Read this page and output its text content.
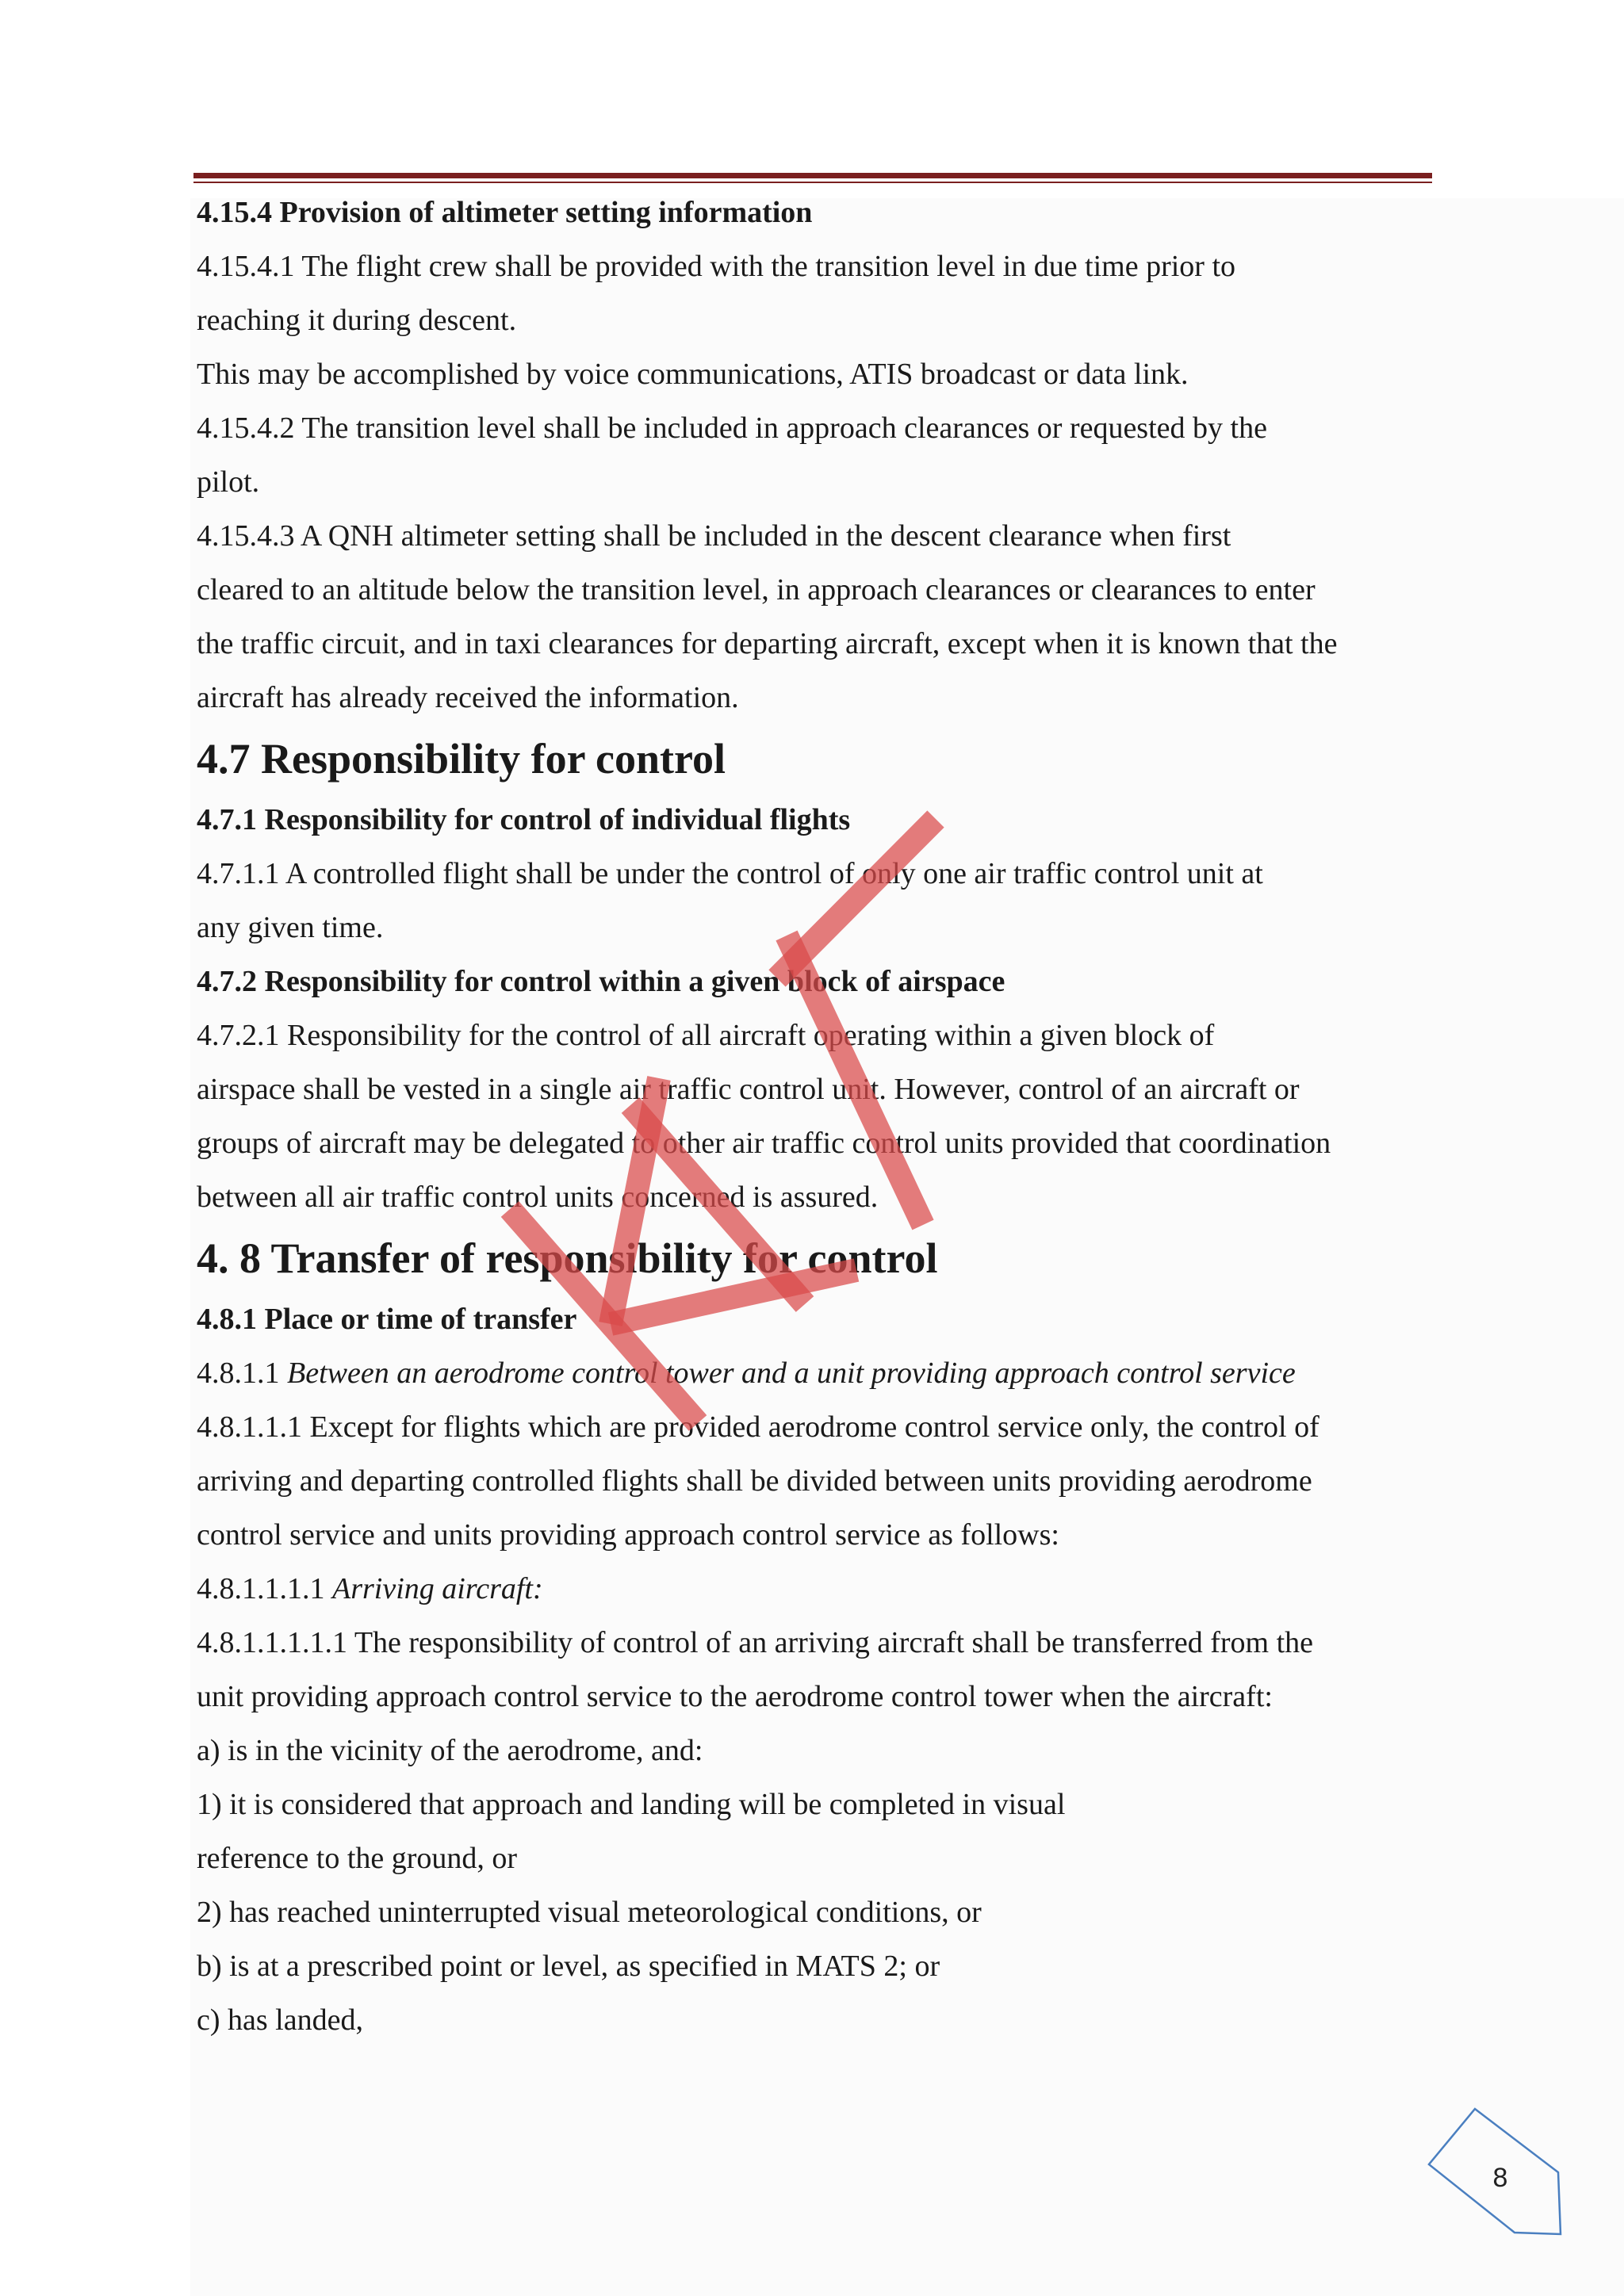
4.15.4 Provision of altimeter setting information
4.15.4.1 The flight crew shall be provided with the transition level in due time prior to
reaching it during descent.
This may be accomplished by voice communications, ATIS broadcast or data link.
4.15.4.2 The transition level shall be included in approach clearances or requested by the
pilot.
4.15.4.3 A QNH altimeter setting shall be included in the descent clearance when first
cleared to an altitude below the transition level, in approach clearances or clearances to enter
the traffic circuit, and in taxi clearances for departing aircraft, except when it is known that the
aircraft has already received the information.
4.7 Responsibility for control
4.7.1 Responsibility for control of individual flights
4.7.1.1 A controlled flight shall be under the control of only one air traffic control unit at
any given time.
4.7.2 Responsibility for control within a given block of airspace
4.7.2.1 Responsibility for the control of all aircraft operating within a given block of
airspace shall be vested in a single air traffic control unit. However, control of an aircraft or
groups of aircraft may be delegated to other air traffic control units provided that coordination
between all air traffic control units concerned is assured.
4. 8 Transfer of responsibility for control
4.8.1 Place or time of transfer
4.8.1.1 Between an aerodrome control tower and a unit providing approach control service
4.8.1.1.1 Except for flights which are provided aerodrome control service only, the control of
arriving and departing controlled flights shall be divided between units providing aerodrome
control service and units providing approach control service as follows:
4.8.1.1.1.1 Arriving aircraft:
4.8.1.1.1.1.1 The responsibility of control of an arriving aircraft shall be transferred from the
unit providing approach control service to the aerodrome control tower when the aircraft:
a) is in the vicinity of the aerodrome, and:
1) it is considered that approach and landing will be completed in visual
reference to the ground, or
2) has reached uninterrupted visual meteorological conditions, or
b) is at a prescribed point or level, as specified in MATS 2; or
c) has landed,
8
